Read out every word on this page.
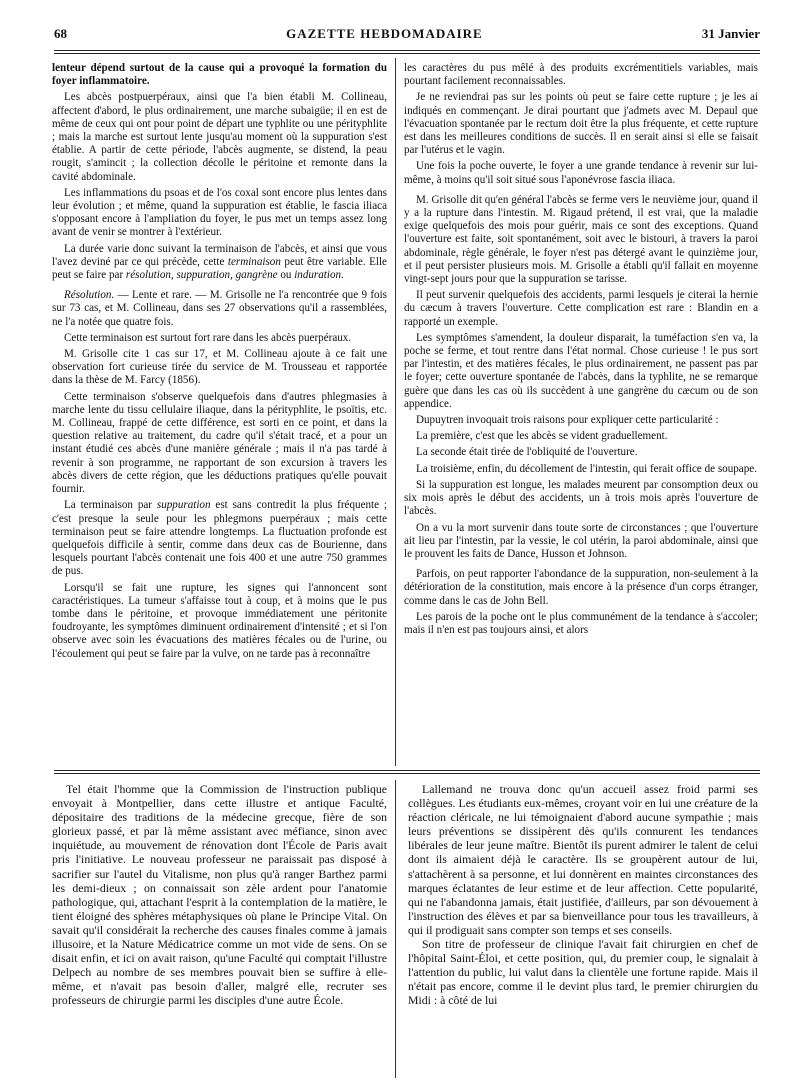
68	GAZETTE HEBDOMADAIRE	31 Janvier

lenteur dépend surtout de la cause qui a provoqué la formation du foyer inflammatoire.

Les abcès postpuerpéraux, ainsi que l'a bien établi M. Collineau, affectent d'abord, le plus ordinairement, une marche subaigüe; il en est de même de ceux qui ont pour point de départ une typhlite ou une pérityphlite ; mais la marche est surtout lente jusqu'au moment où la suppuration s'est établie. A partir de cette période, l'abcès augmente, se distend, la peau rougit, s'amincit ; la collection décolle le péritoine et remonte dans la cavité abdominale.

Les inflammations du psoas et de l'os coxal sont encore plus lentes dans leur évolution ; et même, quand la suppuration est établie, le fascia iliaca s'opposant encore à l'ampliation du foyer, le pus met un temps assez long avant de venir se montrer à l'extérieur.

La durée varie donc suivant la terminaison de l'abcès, et ainsi que vous l'avez deviné par ce qui précède, cette terminaison peut être variable. Elle peut se faire par résolution, suppuration, gangrène ou induration.

Résolution. — Lente et rare. — M. Grisolle ne l'a rencontrée que 9 fois sur 73 cas, et M. Collineau, dans ses 27 observations qu'il a rassemblées, ne l'a notée que quatre fois.

Cette terminaison est surtout fort rare dans les abcès puerpéraux.

M. Grisolle cite 1 cas sur 17, et M. Collineau ajoute à ce fait une observation fort curieuse tirée du service de M. Trousseau et rapportée dans la thèse de M. Farcy (1856).

Cette terminaison s'observe quelquefois dans d'autres phlegmasies à marche lente du tissu cellulaire iliaque, dans la pérityphlite, le psoïtis, etc. M. Collineau, frappé de cette différence, est sorti en ce point, et dans la question relative au traitement, du cadre qu'il s'était tracé, et a pour un instant étudié ces abcès d'une manière générale ; mais il n'a pas tardé à revenir à son programme, ne rapportant de son excursion à travers les abcès divers de cette région, que les déductions pratiques qu'elle pouvait fournir.

La terminaison par suppuration est sans contredit la plus fréquente ; c'est presque la seule pour les phlegmons puerpéraux ; mais cette terminaison peut se faire attendre longtemps. La fluctuation profonde est quelquefois difficile à sentir, comme dans deux cas de Bourienne, dans lesquels pourtant l'abcès contenait une fois 400 et une autre 750 grammes de pus.

Lorsqu'il se fait une rupture, les signes qui l'annoncent sont caractéristiques. La tumeur s'affaisse tout à coup, et à moins que le pus tombe dans le péritoine, et provoque immédiatement une péritonite foudroyante, les symptômes diminuent ordinairement d'intensité ; et si l'on observe avec soin les évacuations des matières fécales ou de l'urine, ou l'écoulement qui peut se faire par la vulve, on ne tarde pas à reconnaître

les caractères du pus mêlé à des produits excrémentitiels variables, mais pourtant facilement reconnaissables.

Je ne reviendrai pas sur les points où peut se faire cette rupture ; je les ai indiqués en commençant. Je dirai pourtant que j'admets avec M. Depaul que l'évacuation spontanée par le rectum doit être la plus fréquente, et cette rupture est dans les meilleures conditions de succès. Il en serait ainsi si elle se faisait par l'utérus et le vagin.

Une fois la poche ouverte, le foyer a une grande tendance à revenir sur lui-même, à moins qu'il soit situé sous l'aponévrose fascia iliaca.

M. Grisolle dit qu'en général l'abcès se ferme vers le neuvième jour, quand il y a la rupture dans l'intestin. M. Rigaud prétend, il est vrai, que la maladie exige quelquefois des mois pour guérir, mais ce sont des exceptions. Quand l'ouverture est faite, soit spontanément, soit avec le bistouri, à travers la paroi abdominale, règle générale, le foyer n'est pas détergé avant le quinzième jour, et il peut persister plusieurs mois. M. Grisolle a établi qu'il fallait en moyenne vingt-sept jours pour que la suppuration se tarisse.

Il peut survenir quelquefois des accidents, parmi lesquels je citerai la hernie du cæcum à travers l'ouverture. Cette complication est rare : Blandin en a rapporté un exemple.

Les symptômes s'amendent, la douleur disparait, la tuméfaction s'en va, la poche se ferme, et tout rentre dans l'état normal. Chose curieuse ! le pus sort par l'intestin, et des matières fécales, le plus ordinairement, ne passent pas par le foyer; cette ouverture spontanée de l'abcès, dans la typhlite, ne se remarque guère que dans les cas où ils succèdent à une gangrène du cæcum ou de son appendice.

Dupuytren invoquait trois raisons pour expliquer cette particularité :

La première, c'est que les abcès se vident graduellement.

La seconde était tirée de l'obliquité de l'ouverture.

La troisième, enfin, du décollement de l'intestin, qui ferait office de soupape.

Si la suppuration est longue, les malades meurent par consomption deux ou six mois après le début des accidents, un à trois mois après l'ouverture de l'abcès.

On a vu la mort survenir dans toute sorte de circonstances ; que l'ouverture ait lieu par l'intestin, par la vessie, le col utérin, la paroi abdominale, ainsi que le prouvent les faits de Dance, Husson et Johnson.

Parfois, on peut rapporter l'abondance de la suppuration, non-seulement à la détérioration de la constitution, mais encore à la présence d'un corps étranger, comme dans le cas de John Bell.

Les parois de la poche ont le plus communément de la tendance à s'accoler; mais il n'en est pas toujours ainsi, et alors

Tel était l'homme que la Commission de l'instruction publique envoyait à Montpellier, dans cette illustre et antique Faculté, dépositaire des traditions de la médecine grecque, fière de son glorieux passé, et par là même assistant avec méfiance, sinon avec inquiétude, au mouvement de rénovation dont l'École de Paris avait pris l'initiative. Le nouveau professeur ne paraissait pas disposé à sacrifier sur l'autel du Vitalisme, non plus qu'à ranger Barthez parmi les demi-dieux ; on connaissait son zèle ardent pour l'anatomie pathologique, qui, attachant l'esprit à la contemplation de la matière, le tient éloigné des sphères métaphysiques où plane le Principe Vital. On savait qu'il considérait la recherche des causes finales comme à jamais illusoire, et la Nature Médicatrice comme un mot vide de sens. On se disait enfin, et ici on avait raison, qu'une Faculté qui comptait l'illustre Delpech au nombre de ses membres pouvait bien se suffire à elle-même, et n'avait pas besoin d'aller, malgré elle, recruter ses professeurs de chirurgie parmi les disciples d'une autre École.

Lallemand ne trouva donc qu'un accueil assez froid parmi ses collègues. Les étudiants eux-mêmes, croyant voir en lui une créature de la réaction cléricale, ne lui témoignaient d'abord aucune sympathie ; mais leurs préventions se dissipèrent dès qu'ils connurent les tendances libérales de leur jeune maître. Bientôt ils purent admirer le talent de celui dont ils aimaient déjà le caractère. Ils se groupèrent autour de lui, s'attachèrent à sa personne, et lui donnèrent en maintes circonstances des marques éclatantes de leur estime et de leur affection. Cette popularité, qui ne l'abandonna jamais, était justifiée, d'ailleurs, par son dévouement à l'instruction des élèves et par sa bienveillance pour tous les travailleurs, à qui il prodiguait sans compter son temps et ses conseils.

Son titre de professeur de clinique l'avait fait chirurgien en chef de l'hôpital Saint-Éloi, et cette position, qui, du premier coup, le signalait à l'attention du public, lui valut dans la clientèle une fortune rapide. Mais il n'était pas encore, comme il le devint plus tard, le premier chirurgien du Midi : à côté de lui
